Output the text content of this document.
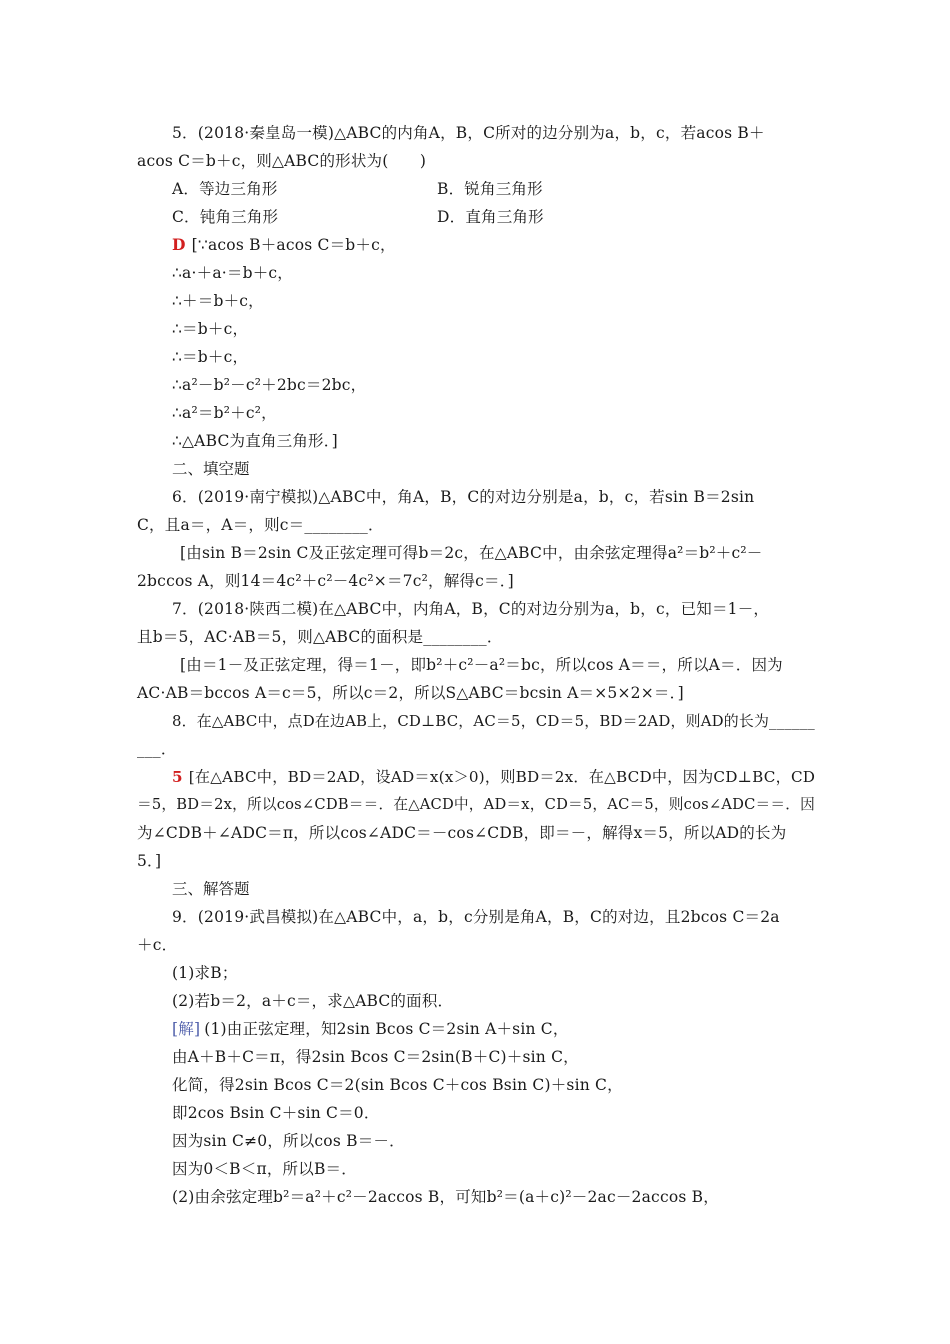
5．(2018·秦皇岛一模)△ABC的内角A，B，C所对的边分别为a，b，c，若acos B＋
acos C＝b＋c，则△ABC的形状为(　　)
A．等边三角形	B．锐角三角形
C．钝角三角形	D．直角三角形
D [∵acos B＋acos C＝b＋c，
∴a·＋a·＝b＋c，
∴＋＝b＋c，
∴＝b＋c，
∴＝b＋c，
∴a²－b²－c²＋2bc＝2bc，
∴a²＝b²＋c²，
∴△ABC为直角三角形．]
二、填空题
6．(2019·南宁模拟)△ABC中，角A，B，C的对边分别是a，b，c，若sin B＝2sin
C，且a＝，A＝，则c＝________．
[由sin B＝2sin C及正弦定理可得b＝2c，在△ABC中，由余弦定理得a²＝b²＋c²－
2bccos A，则14＝4c²＋c²－4c²×＝7c²，解得c＝．]
7．(2018·陕西二模)在△ABC中，内角A，B，C的对边分别为a，b，c，已知＝1－，
且b＝5，AC·AB＝5，则△ABC的面积是________．
[由＝1－及正弦定理，得＝1－，即b²＋c²－a²＝bc，所以cos A＝＝，所以A＝．因为
AC·AB＝bccos A＝c＝5，所以c＝2，所以S△ABC＝bcsin A＝×5×2×＝．]
8．在△ABC中，点D在边AB上，CD⊥BC，AC＝5，CD＝5，BD＝2AD，则AD的长为______
___．
5 [在△ABC中，BD＝2AD，设AD＝x(x＞0)，则BD＝2x．在△BCD中，因为CD⊥BC，CD
＝5，BD＝2x，所以cos∠CDB＝＝．在△ACD中，AD＝x，CD＝5，AC＝5，则cos∠ADC＝＝．因
为∠CDB＋∠ADC＝π，所以cos∠ADC＝－cos∠CDB，即＝－，解得x＝5，所以AD的长为
5．]
三、解答题
9．(2019·武昌模拟)在△ABC中，a，b，c分别是角A，B，C的对边，且2bcos C＝2a
＋c．
(1)求B；
(2)若b＝2，a＋c＝，求△ABC的面积．
[解] (1)由正弦定理，知2sin Bcos C＝2sin A＋sin C，
由A＋B＋C＝π，得2sin Bcos C＝2sin(B＋C)＋sin C，
化简，得2sin Bcos C＝2(sin Bcos C＋cos Bsin C)＋sin C，
即2cos Bsin C＋sin C＝0．
因为sin C≠0，所以cos B＝－．
因为0＜B＜π，所以B＝．
(2)由余弦定理b²＝a²＋c²－2accos B，可知b²＝(a＋c)²－2ac－2accos B，
